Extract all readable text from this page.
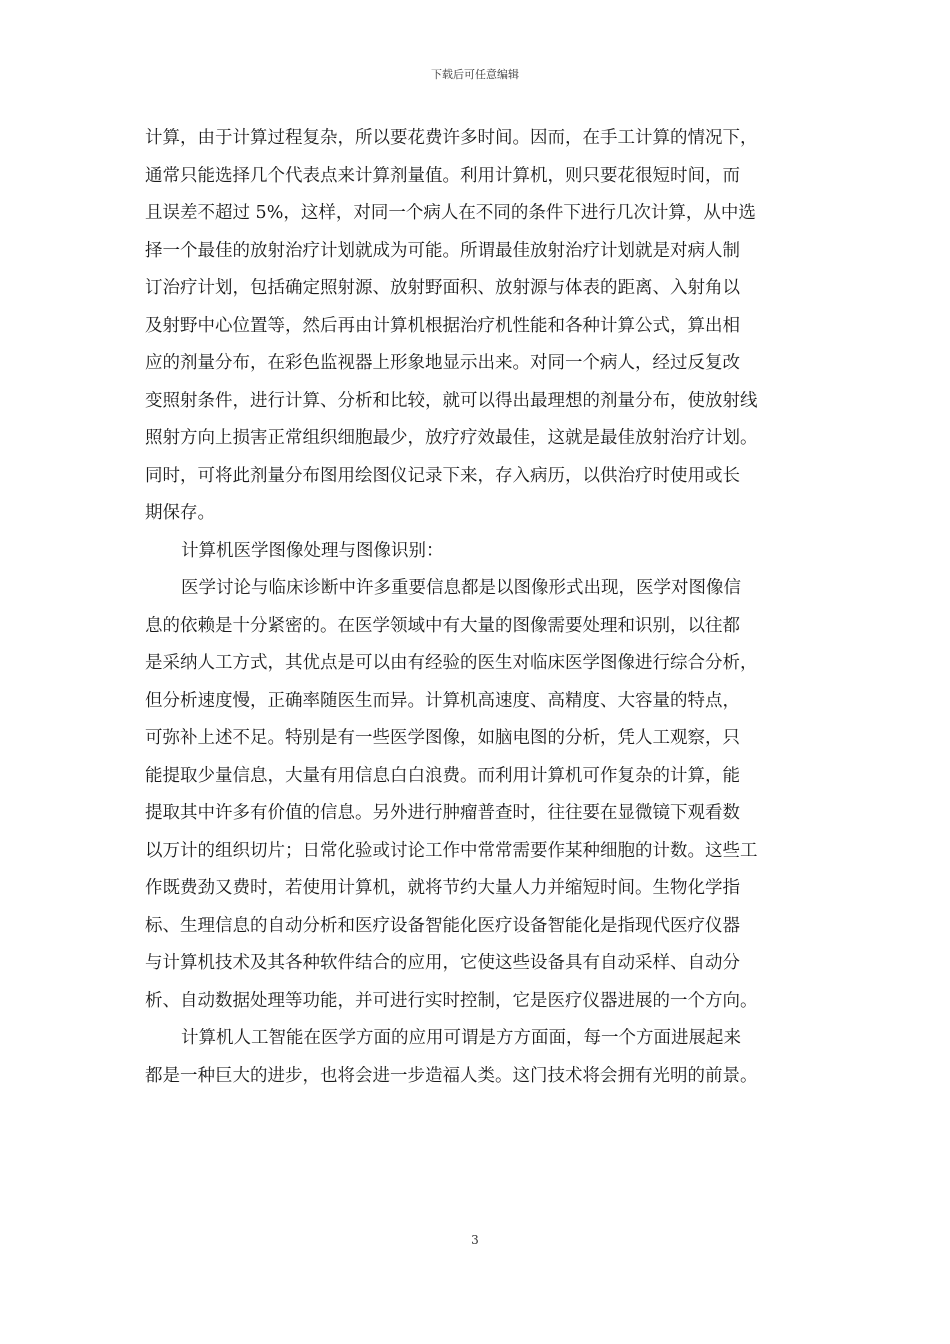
下载后可任意编辑
计算，由于计算过程复杂，所以要花费许多时间。因而，在手工计算的情况下，
通常只能选择几个代表点来计算剂量值。利用计算机，则只要花很短时间，而
且误差不超过 5%，这样，对同一个病人在不同的条件下进行几次计算，从中选
择一个最佳的放射治疗计划就成为可能。所谓最佳放射治疗计划就是对病人制
订治疗计划，包括确定照射源、放射野面积、放射源与体表的距离、入射角以
及射野中心位置等，然后再由计算机根据治疗机性能和各种计算公式，算出相
应的剂量分布，在彩色监视器上形象地显示出来。对同一个病人，经过反复改
变照射条件，进行计算、分析和比较，就可以得出最理想的剂量分布，使放射线
照射方向上损害正常组织细胞最少，放疗疗效最佳，这就是最佳放射治疗计划。
同时，可将此剂量分布图用绘图仪记录下来，存入病历，以供治疗时使用或长
期保存。
计算机医学图像处理与图像识别：
医学讨论与临床诊断中许多重要信息都是以图像形式出现，医学对图像信
息的依赖是十分紧密的。在医学领域中有大量的图像需要处理和识别，以往都
是采纳人工方式，其优点是可以由有经验的医生对临床医学图像进行综合分析，
但分析速度慢，正确率随医生而异。计算机高速度、高精度、大容量的特点，
可弥补上述不足。特别是有一些医学图像，如脑电图的分析，凭人工观察，只
能提取少量信息，大量有用信息白白浪费。而利用计算机可作复杂的计算，能
提取其中许多有价值的信息。另外进行肿瘤普查时，往往要在显微镜下观看数
以万计的组织切片；日常化验或讨论工作中常常需要作某种细胞的计数。这些工
作既费劲又费时，若使用计算机，就将节约大量人力并缩短时间。生物化学指
标、生理信息的自动分析和医疗设备智能化医疗设备智能化是指现代医疗仪器
与计算机技术及其各种软件结合的应用，它使这些设备具有自动采样、自动分
析、自动数据处理等功能，并可进行实时控制，它是医疗仪器进展的一个方向。
计算机人工智能在医学方面的应用可谓是方方面面，每一个方面进展起来
都是一种巨大的进步，也将会进一步造福人类。这门技术将会拥有光明的前景。
3
